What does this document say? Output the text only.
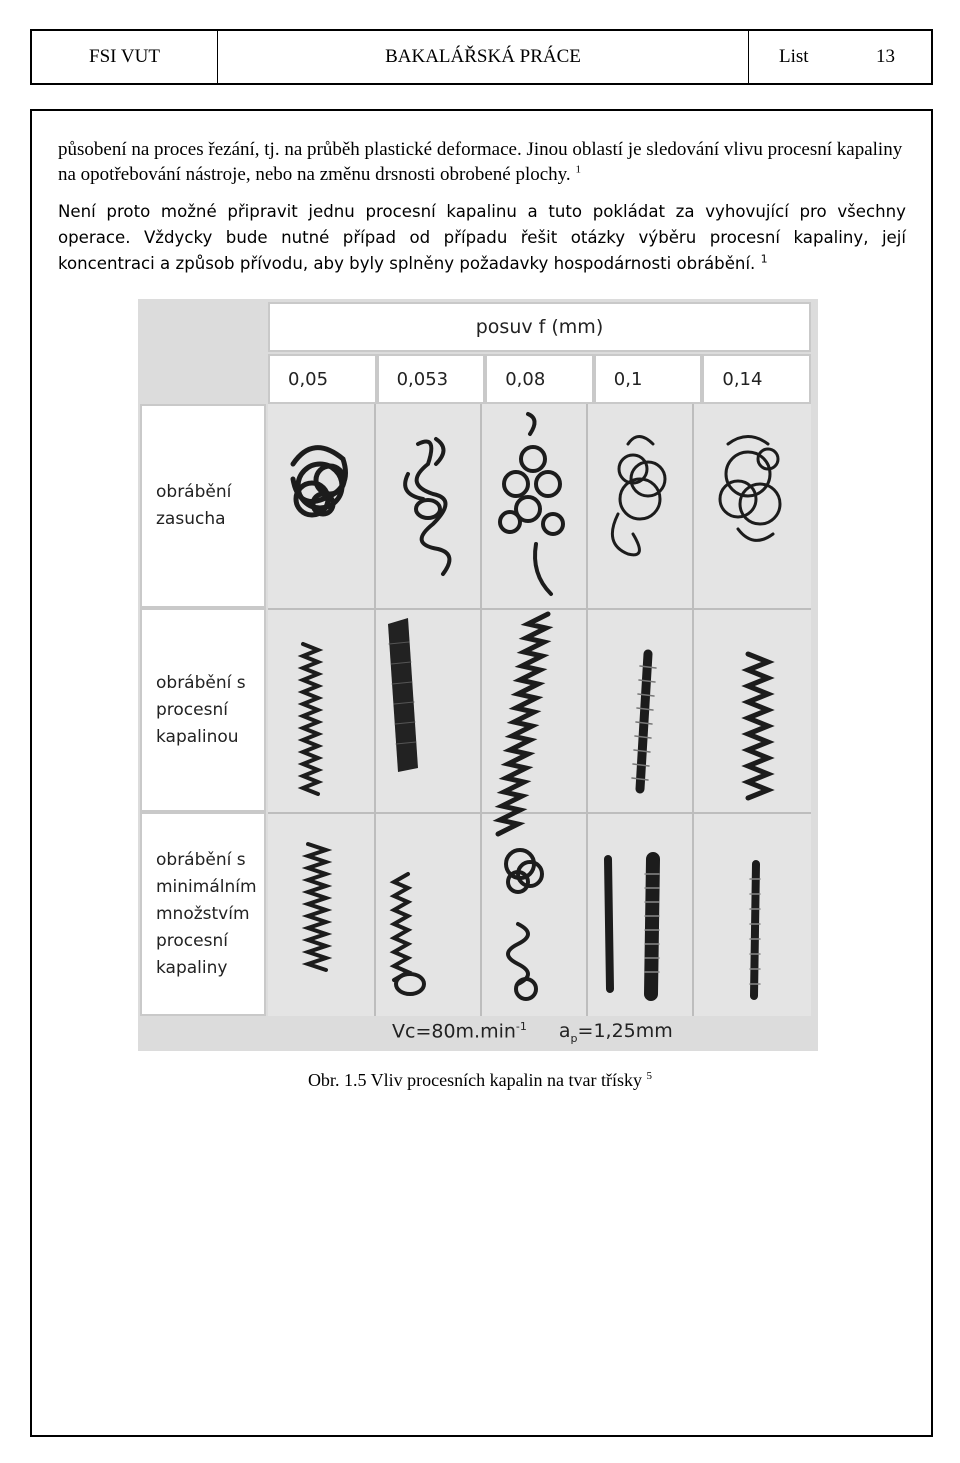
FSI VUT	BAKALÁŘSKÁ PRÁCE	List	13
působení na proces řezání, tj. na průběh plastické deformace. Jinou oblastí je sledování vlivu procesní kapaliny na opotřebování nástroje, nebo na změnu drsnosti obrobené plochy. $^1$
Není proto možné připravit jednu procesní kapalinu a tuto pokládat za vyhovující pro všechny operace. Vždycky bude nutné případ od případu řešit otázky výběru procesní kapaliny, její koncentraci a způsob přívodu, aby byly splněny požadavky hospodárnosti obrábění. $^1$
posuv f (mm)
0,05	0,053	0,08	0,1	0,14
obrábění zasucha
obrábění s procesní kapalinou
obrábění s minimálním množstvím procesní kapaliny
$Vc=80m.\min^{-1}$ $a_p=1,25mm$
Obr. 1.5 Vliv procesních kapalin na tvar třísky $^5$
